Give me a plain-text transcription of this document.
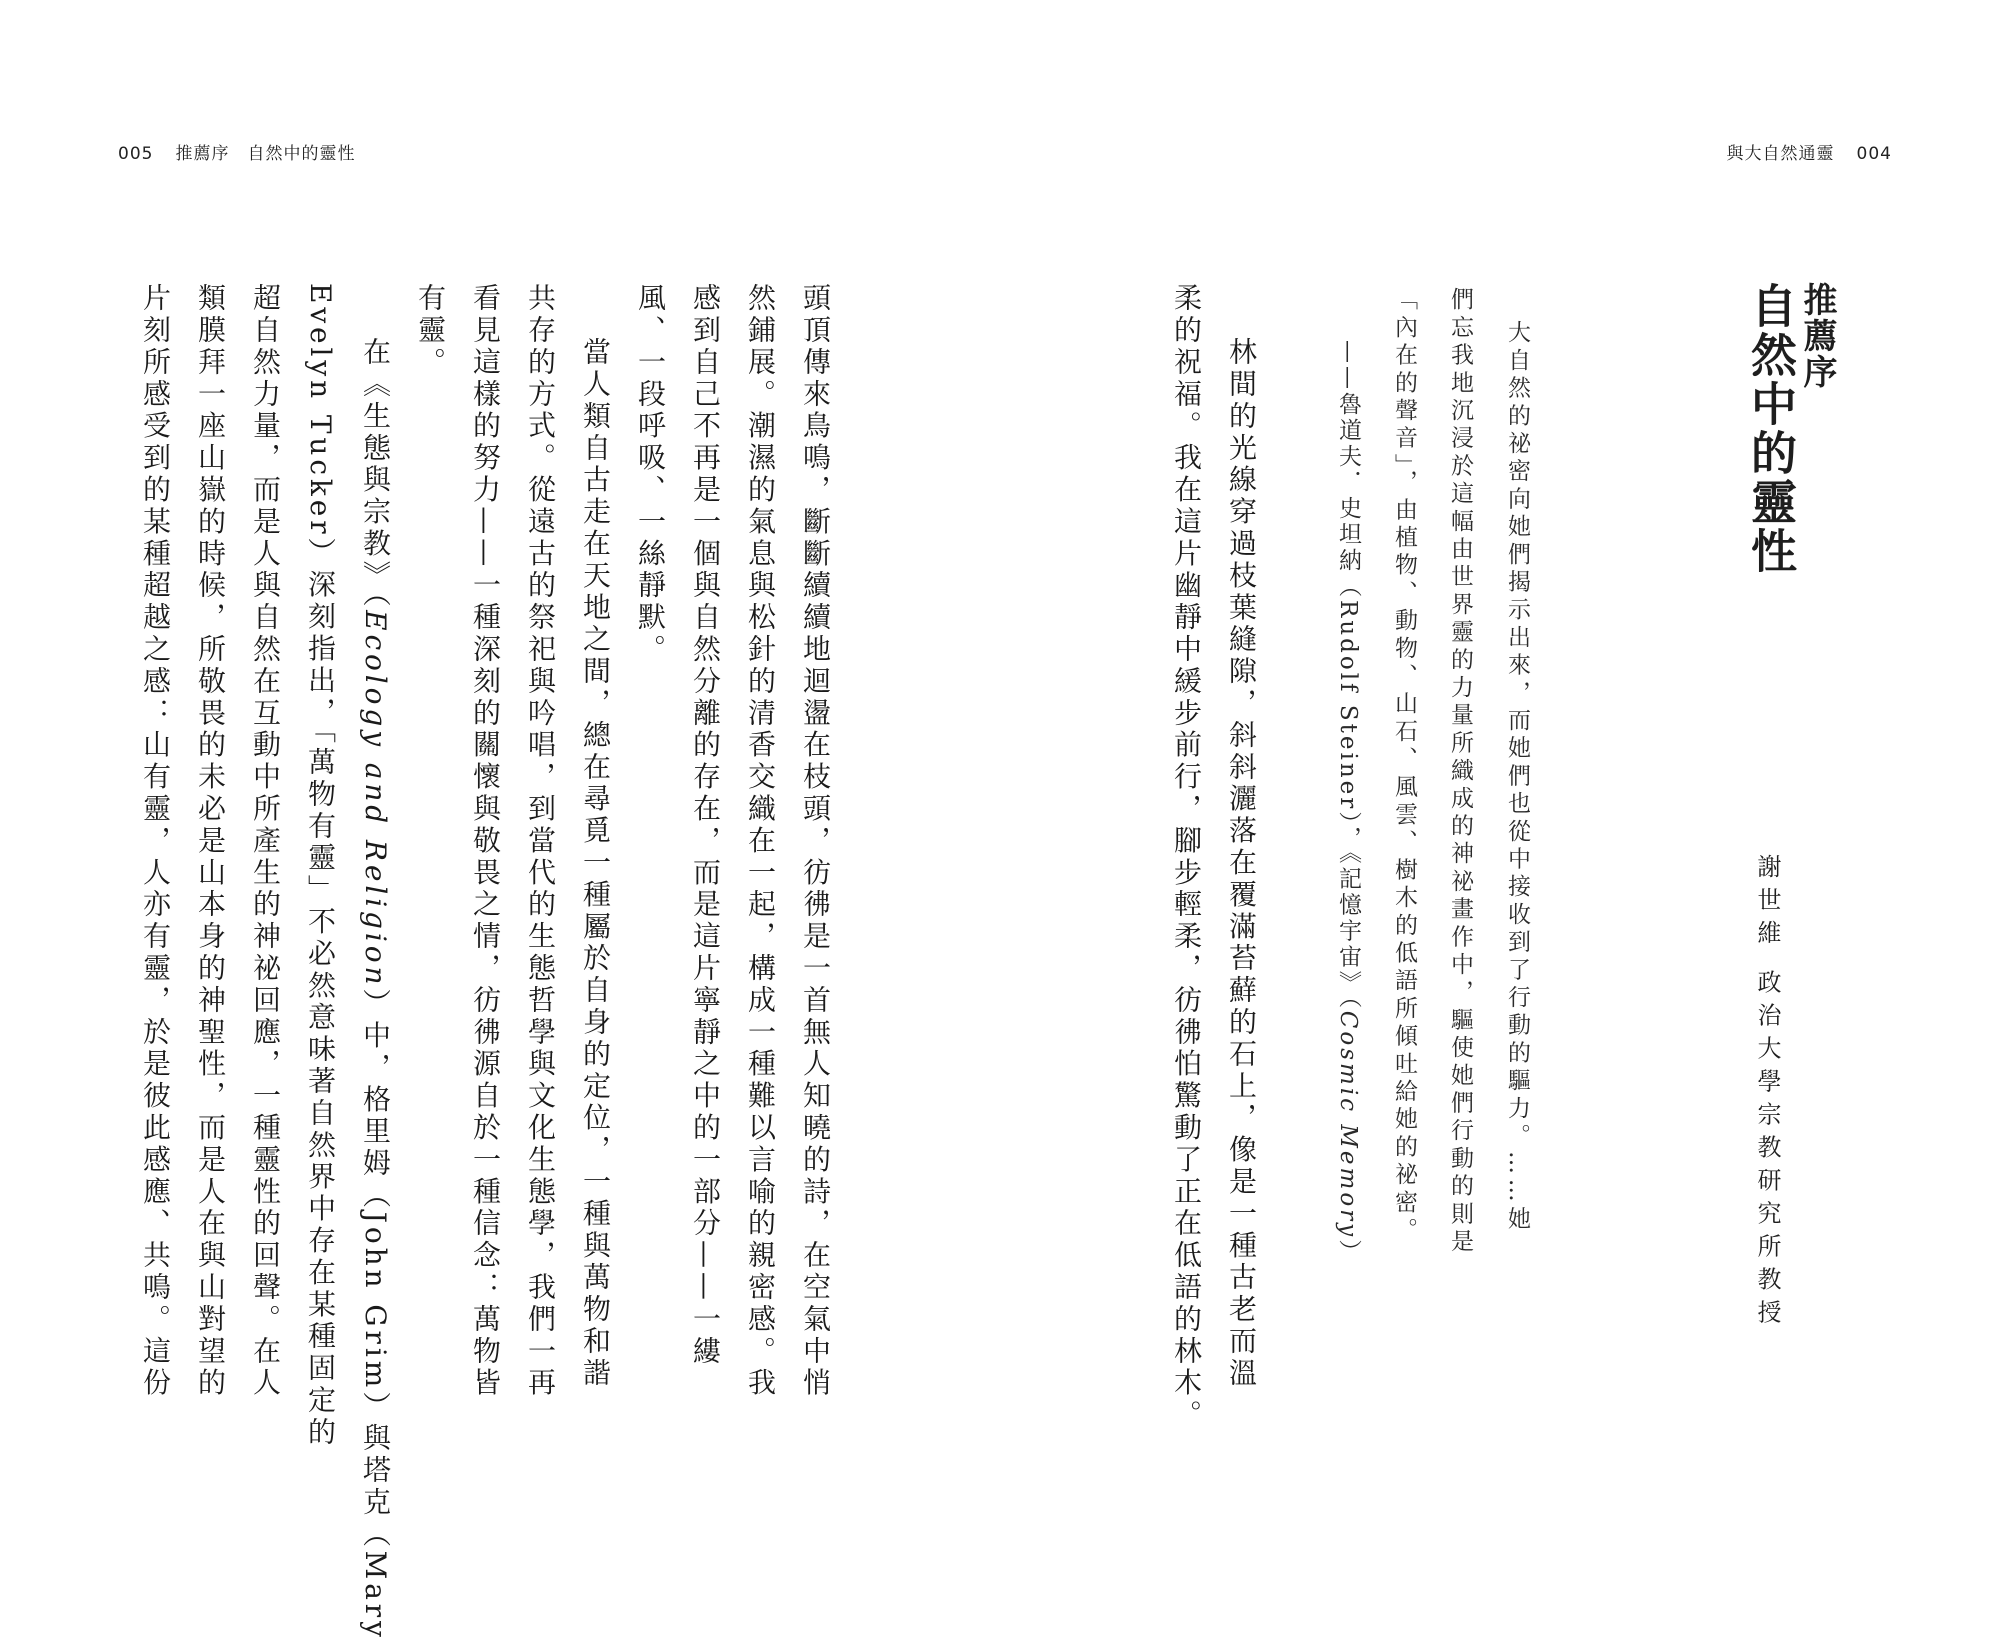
005 推薦序　自然中的靈性	與大自然通靈 004
推薦序
自然中的靈性
謝世維 政治大學宗教研究所教授
大自然的祕密向她們揭示出來，而她們也從中接收到了行動的驅力。……她
們忘我地沉浸於這幅由世界靈的力量所織成的神祕畫作中，驅使她們行動的則是
「內在的聲音」，由植物、動物、山石、風雲、樹木的低語所傾吐給她的祕密。
——魯道夫．史坦納（Rudolf Steiner），《記憶宇宙》（Cosmic Memory）
林間的光線穿過枝葉縫隙，斜斜灑落在覆滿苔蘚的石上，像是一種古老而溫
柔的祝福。我在這片幽靜中緩步前行，腳步輕柔，彷彿怕驚動了正在低語的林木。
頭頂傳來鳥鳴，斷斷續續地迴盪在枝頭，彷彿是一首無人知曉的詩，在空氣中悄
然鋪展。潮濕的氣息與松針的清香交織在一起，構成一種難以言喻的親密感。我
感到自己不再是一個與自然分離的存在，而是這片寧靜之中的一部分——一縷
風、一段呼吸、一絲靜默。
當人類自古走在天地之間，總在尋覓一種屬於自身的定位，一種與萬物和諧
共存的方式。從遠古的祭祀與吟唱，到當代的生態哲學與文化生態學，我們一再
看見這樣的努力——一種深刻的關懷與敬畏之情，彷彿源自於一種信念：萬物皆
有靈。
在《生態與宗教》（Ecology and Religion）中，格里姆（John Grim）與塔克（Mary
Evelyn Tucker）深刻指出，「萬物有靈」不必然意味著自然界中存在某種固定的
超自然力量，而是人與自然在互動中所產生的神祕回應，一種靈性的回聲。在人
類膜拜一座山嶽的時候，所敬畏的未必是山本身的神聖性，而是人在與山對望的
片刻所感受到的某種超越之感：山有靈，人亦有靈，於是彼此感應、共鳴。這份
